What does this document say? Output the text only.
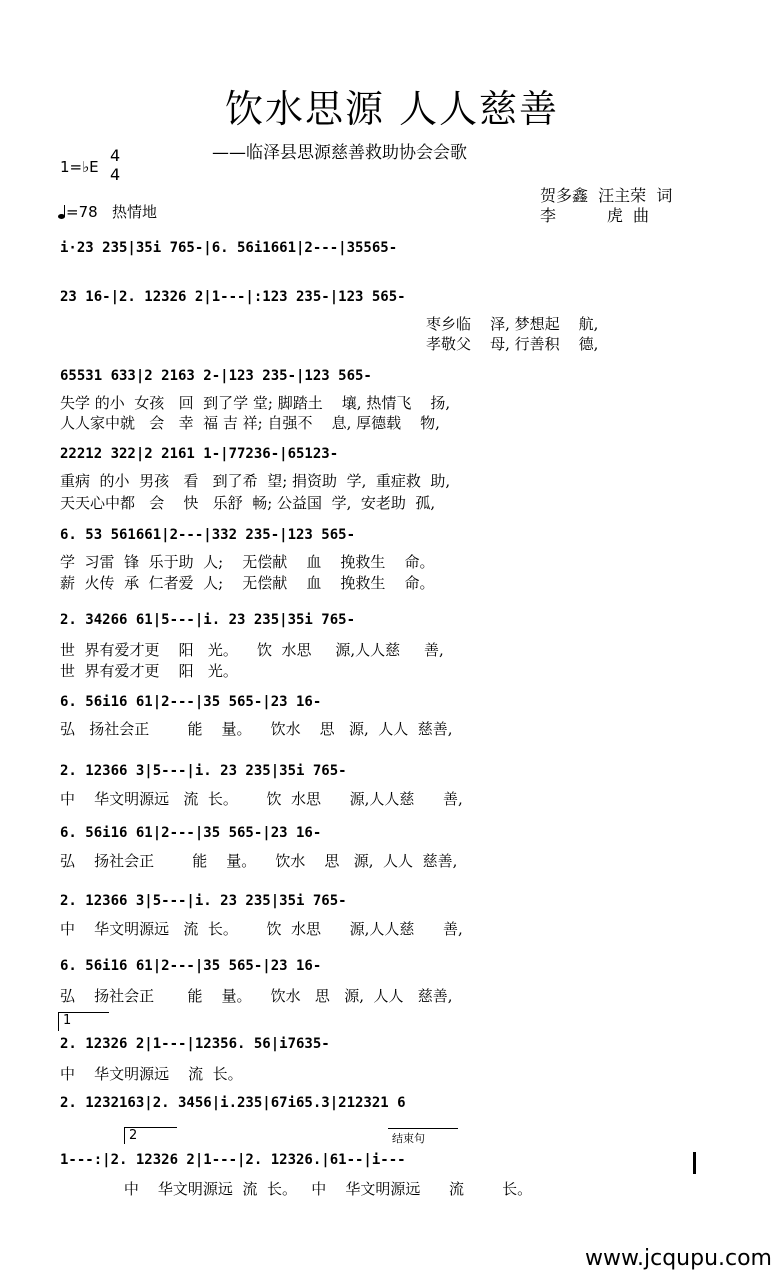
饮水思源 人人慈善
——临泽县思源慈善救助协会会歌
1=♭E
4
4
=78 热情地
贺多鑫  汪主荣  词
李          虎  曲
i·23 235|35i 765-|6. 56i1661|2---|35565-
23 16-|2. 12326 2|1---|:123 235-|123 565-
枣乡临    泽, 梦想起    航,
孝敬父    母, 行善积    德,
65531 633|2 2163 2-|123 235-|123 565-
失学 的小  女孩   回  到了学 堂; 脚踏土    壤, 热情飞    扬,
人人家中就   会   幸  福 吉 祥; 自强不    息, 厚德载    物,
22212 322|2 2161 1-|77236-|65123-
重病  的小  男孩   看   到了希  望; 捐资助  学,  重症救  助,
天天心中都   会    快   乐舒  畅; 公益国  学,  安老助  孤,
6. 53 561661|2---|332 235-|123 565-
学  习雷  锋  乐于助  人;    无偿献    血    挽救生    命。
薪  火传  承  仁者爱  人;    无偿献    血    挽救生    命。
2. 34266 61|5---|i. 23 235|35i 765-
世  界有爱才更    阳   光。    饮  水思     源,人人慈     善,
世  界有爱才更    阳   光。
6. 56i16 61|2---|35 565-|23 16-
弘   扬社会正        能    量。    饮水    思   源,  人人  慈善,
2. 12366 3|5---|i. 23 235|35i 765-
中    华文明源远   流  长。      饮  水思      源,人人慈      善,
6. 56i16 61|2---|35 565-|23 16-
弘    扬社会正        能    量。    饮水    思   源,  人人  慈善,
2. 12366 3|5---|i. 23 235|35i 765-
中    华文明源远   流  长。      饮  水思      源,人人慈      善,
6. 56i16 61|2---|35 565-|23 16-
弘    扬社会正       能    量。    饮水   思   源,  人人   慈善,
1
2. 12326 2|1---|12356. 56|i7635-
中    华文明源远    流  长。
2. 1232163|2. 3456|i.235|67i65.3|212321 6
2	结束句
1---:|2. 12326 2|1---|2. 12326.|61--|i---
中    华文明源远  流  长。   中    华文明源远      流        长。
www.jcqupu.com
